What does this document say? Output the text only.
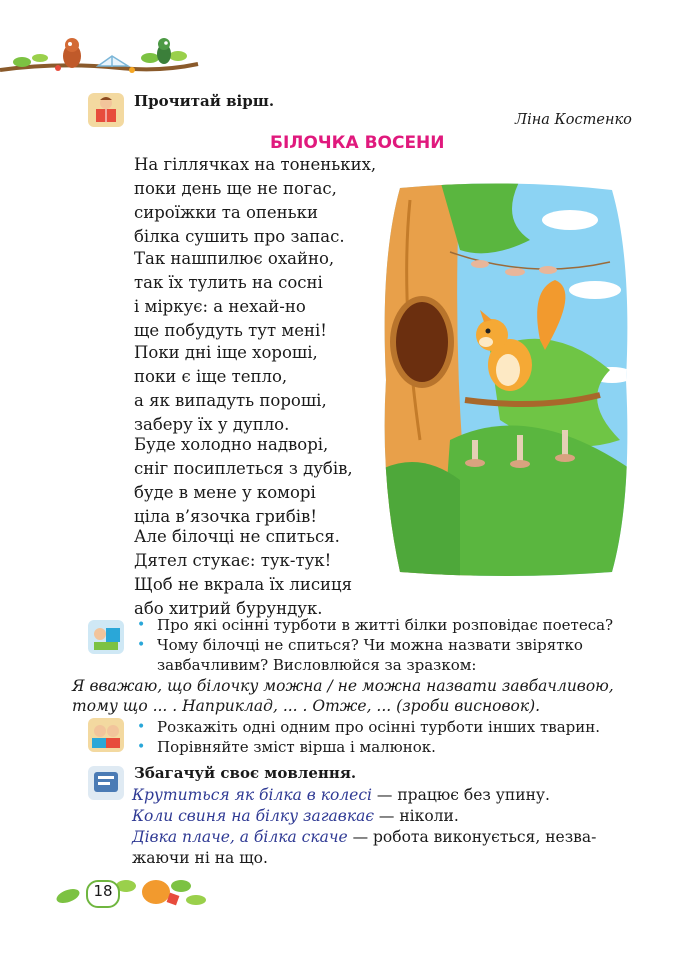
Прочитай вірш.
Ліна Костенко
БІЛОЧКА ВОСЕНИ
На гіллячках на тоненьких,
поки день ще не погас,
сироїжки та опеньки
білка сушить про запас.
Так нашпилює охайно,
так їх тулить на сосні
і міркує: а нехай-но
ще побудуть тут мені!
Поки дні іще хороші,
поки є іще тепло,
а як випадуть пороші,
заберу їх у дупло.
Буде холодно надворі,
сніг посиплеться з дубів,
буде в мене у коморі
ціла в’язочка грибів!
Але білочці не спиться.
Дятел стукає: тук-тук!
Щоб не вкрала їх лисиця
або хитрий бурундук.
• Про які осінні турботи в житті білки розповідає поетеса?
• Чому білочці не спиться? Чи можна назвати звірятко
завбачливим? Висловлюйся за зразком:
Я вважаю, що білочку можна / не можна назвати завбачливою,
тому що ... . Наприклад, ... . Отже, ... (зроби висновок).
• Розкажіть одні одним про осінні турботи інших тварин.
• Порівняйте зміст вірша і малюнок.
Збагачуй своє мовлення.
Крутиться як білка в колесі — працює без упину.
Коли свиня на білку загавкає — ніколи.
Дівка плаче, а білка скаче — робота виконується, незва-
жаючи ні на що.
18
